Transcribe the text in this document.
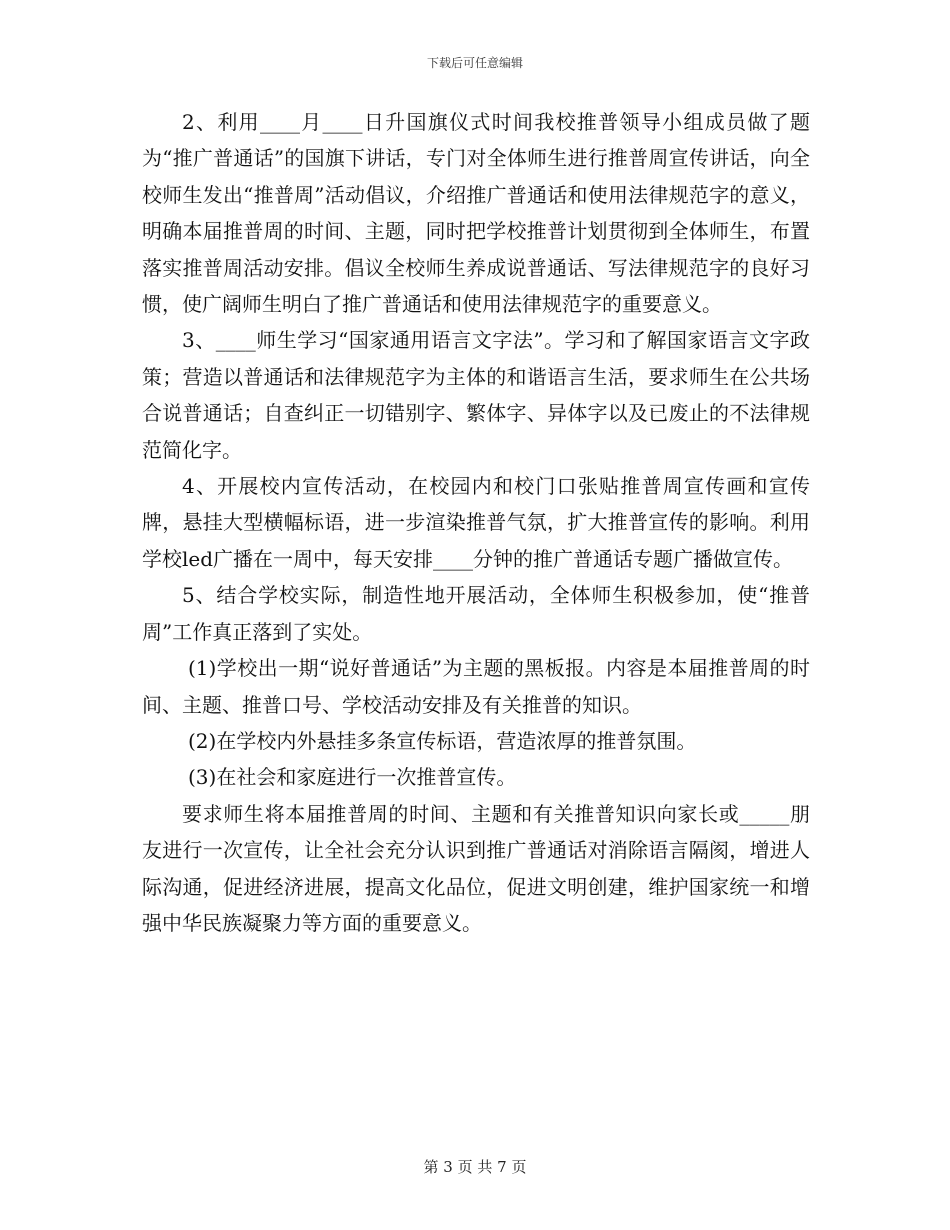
下载后可任意编辑

2、利用____月____日升国旗仪式时间我校推普领导小组成员做了题为“推广普通话”的国旗下讲话，专门对全体师生进行推普周宣传讲话，向全校师生发出“推普周”活动倡议，介绍推广普通话和使用法律规范字的意义，明确本届推普周的时间、主题，同时把学校推普计划贯彻到全体师生，布置落实推普周活动安排。倡议全校师生养成说普通话、写法律规范字的良好习惯，使广阔师生明白了推广普通话和使用法律规范字的重要意义。

3、____师生学习“国家通用语言文字法”。学习和了解国家语言文字政策；营造以普通话和法律规范字为主体的和谐语言生活，要求师生在公共场合说普通话；自查纠正一切错别字、繁体字、异体字以及已废止的不法律规范简化字。

4、开展校内宣传活动，在校园内和校门口张贴推普周宣传画和宣传牌，悬挂大型横幅标语，进一步渲染推普气氛，扩大推普宣传的影响。利用学校led广播在一周中，每天安排____分钟的推广普通话专题广播做宣传。

5、结合学校实际，制造性地开展活动，全体师生积极参加，使“推普周”工作真正落到了实处。

(1)学校出一期“说好普通话”为主题的黑板报。内容是本届推普周的时间、主题、推普口号、学校活动安排及有关推普的知识。

(2)在学校内外悬挂多条宣传标语，营造浓厚的推普氛围。

(3)在社会和家庭进行一次推普宣传。

要求师生将本届推普周的时间、主题和有关推普知识向家长或_____朋友进行一次宣传，让全社会充分认识到推广普通话对消除语言隔阂，增进人际沟通，促进经济进展，提高文化品位，促进文明创建，维护国家统一和增强中华民族凝聚力等方面的重要意义。

第 3 页 共 7 页
